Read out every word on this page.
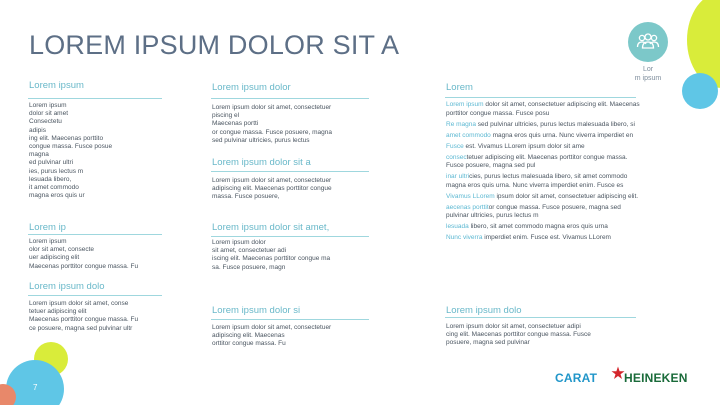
Lor
m ipsum
LOREM IPSUM DOLOR SIT A
Lorem ipsum
Lorem ipsum
dolor sit amet
Consectetu
adipis
ing elit. Maecenas porttito
congue massa. Fusce posue
magna
ed pulvinar ultri
ies, purus lectus m
lesuada libero,
it amet commodo
magna eros quis ur
Lorem ip
Lorem ipsum
olor sit amet, consecte
uer adipiscing elit
Maecenas porttitor congue massa. Fu
Lorem ipsum dolo
Lorem ipsum dolor sit amet, conse
tetuer adipiscing elit
Maecenas porttitor congue massa. Fu
ce posuere, magna sed pulvinar ultr
Lorem ipsum dolor
Lorem ipsum dolor sit amet, consectetuer
piscing el
Maecenas portti
or congue massa. Fusce posuere, magna
sed pulvinar ultricies, purus lectus
Lorem ipsum dolor sit a
Lorem ipsum dolor sit amet, consectetuer
adipiscing elit. Maecenas porttitor congue
massa. Fusce posuere,
Lorem ipsum dolor sit amet,
Lorem ipsum dolor
sit amet, consectetuer adi
iscing elit. Maecenas porttitor congue ma
sa. Fusce posuere, magn
Lorem ipsum dolor si
Lorem ipsum dolor sit amet, consectetuer
adipiscing elit. Maecenas
orttitor congue massa. Fu
Lorem
Lorem ipsum dolor sit amet, consectetuer adipiscing elit. Maecenas porttitor congue massa. Fusce posu
Re magna sed pulvinar ultricies, purus lectus malesuada libero, si
amet commodo magna eros quis urna. Nunc viverra imperdiet en
Fusce est. Vivamus LLorem ipsum dolor sit ame
consectetuer adipiscing elit. Maecenas porttitor congue massa. Fusce posuere, magna sed pul
inar ultricies, purus lectus malesuada libero, sit amet commodo magna eros quis urna. Nunc viverra imperdiet enim. Fusce es
Vivamus LLorem ipsum dolor sit amet, consectetuer adipiscing elit.
aecenas porttitor congue massa. Fusce posuere, magna sed pulvinar ultricies, purus lectus m
lesuada libero, sit amet commodo magna eros quis urna
Nunc viverra imperdiet enim. Fusce est. Vivamus LLorem
Lorem ipsum dolo
Lorem ipsum dolor sit amet, consectetuer adipi
cing elit. Maecenas porttitor congue massa. Fusce
posuere, magna sed pulvinar
7
CARAT HEINEKEN
